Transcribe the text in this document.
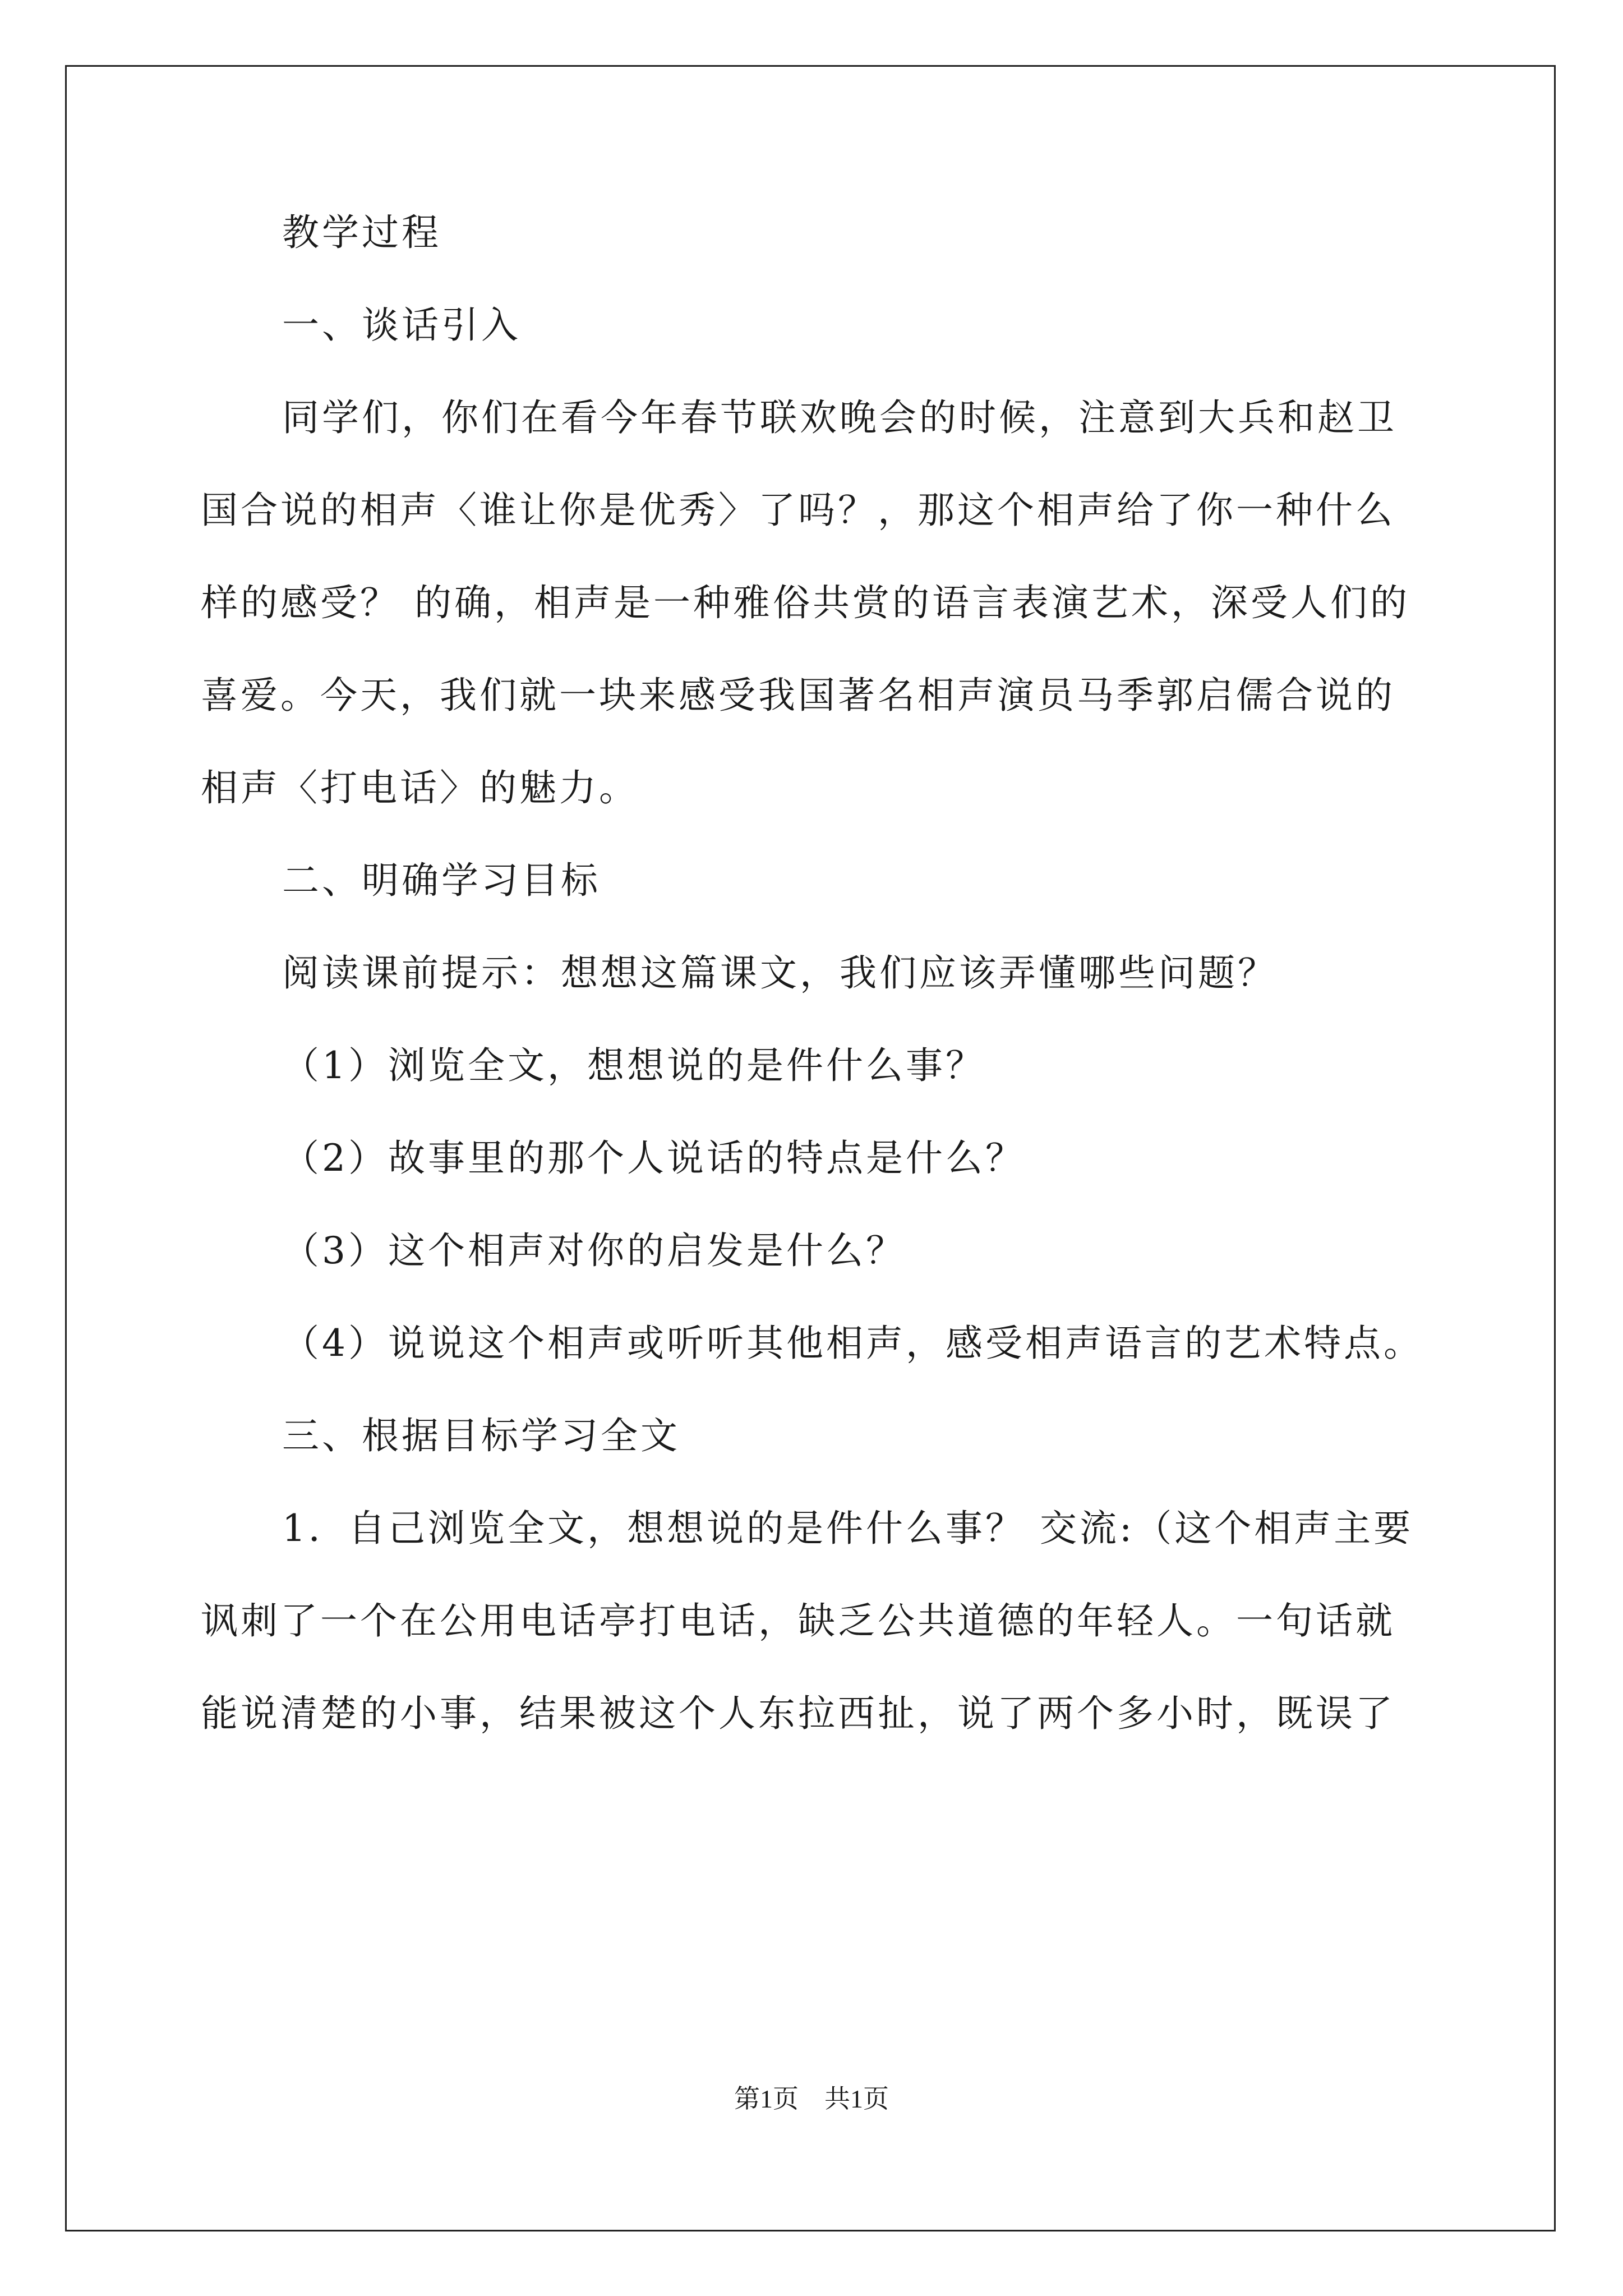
教学过程
一、谈话引入
同学们，你们在看今年春节联欢晚会的时候，注意到大兵和赵卫
国合说的相声〈谁让你是优秀〉了吗？，那这个相声给了你一种什么
样的感受？ 的确，相声是一种雅俗共赏的语言表演艺术，深受人们的
喜爱。今天，我们就一块来感受我国著名相声演员马季郭启儒合说的
相声〈打电话〉的魅力。
二、明确学习目标
阅读课前提示：想想这篇课文，我们应该弄懂哪些问题？
（1）浏览全文，想想说的是件什么事？
（2）故事里的那个人说话的特点是什么？
（3）这个相声对你的启发是什么？
（4）说说这个相声或听听其他相声，感受相声语言的艺术特点。
三、根据目标学习全文
1．自己浏览全文，想想说的是件什么事？ 交流:（这个相声主要
讽刺了一个在公用电话亭打电话，缺乏公共道德的年轻人。一句话就
能说清楚的小事，结果被这个人东拉西扯，说了两个多小时，既误了
第1页　共1页
